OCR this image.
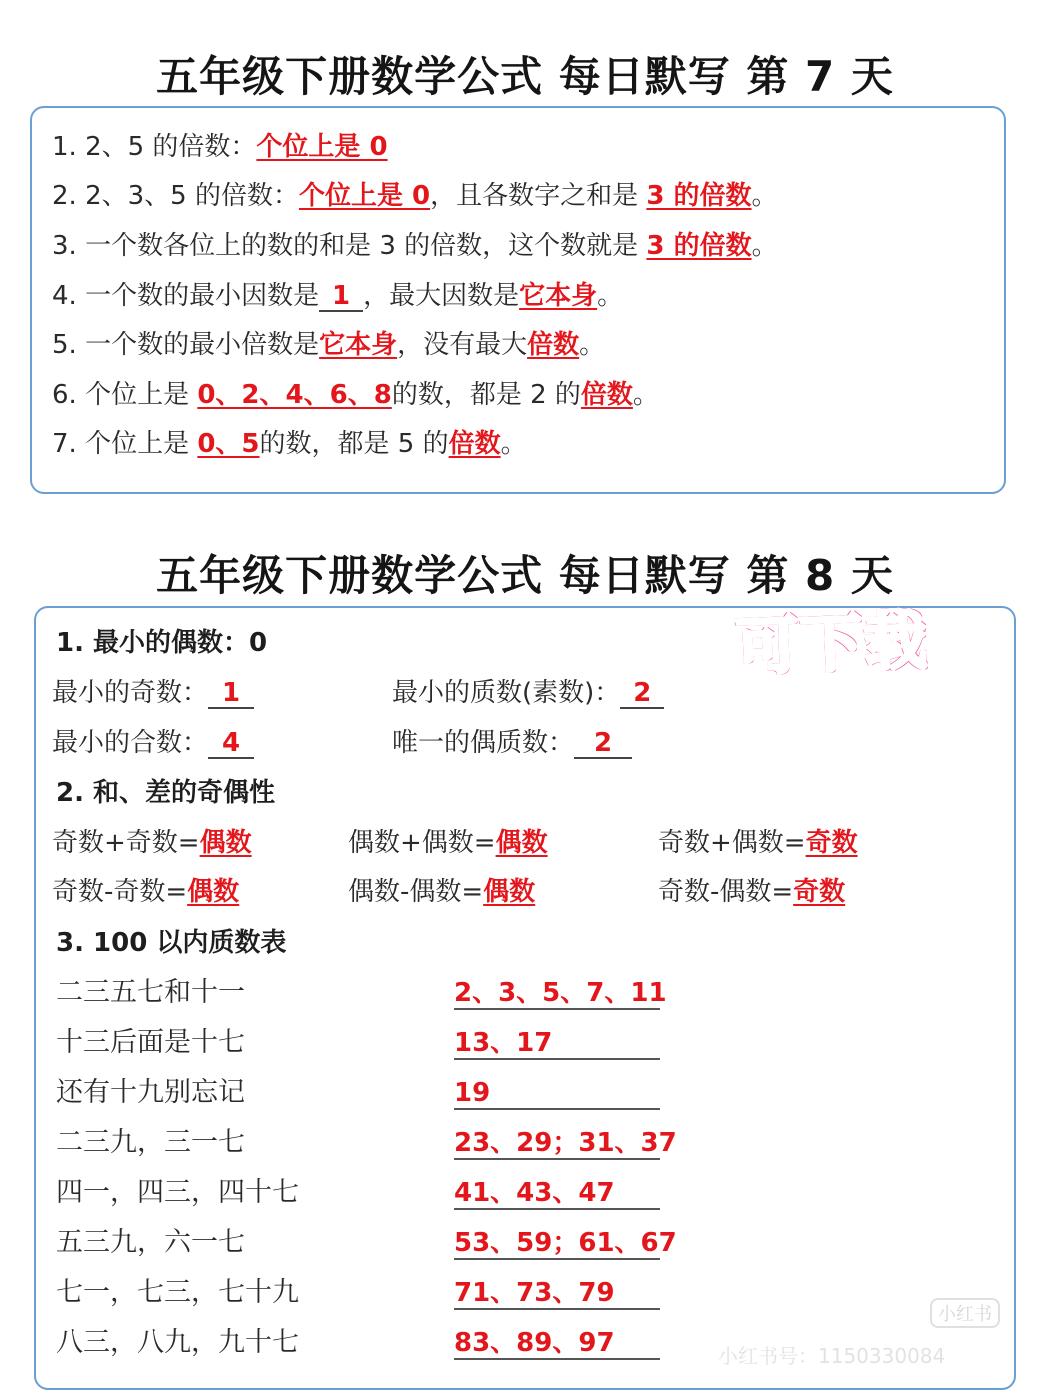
五年级下册数学公式 每日默写 第 7 天
1. 2、5 的倍数：个位上是 0
2. 2、3、5 的倍数：个位上是 0，且各数字之和是 3 的倍数。
3. 一个数各位上的数的和是 3 的倍数，这个数就是 3 的倍数。
4. 一个数的最小因数是 1 ，最大因数是它本身。
5. 一个数的最小倍数是它本身，没有最大倍数。
6. 个位上是 0、2、4、6、8的数，都是 2 的倍数。
7. 个位上是 0、5的数，都是 5 的倍数。
五年级下册数学公式 每日默写 第 8 天
1. 最小的偶数：0
最小的奇数： 1	最小的质数(素数)： 2
最小的合数： 4	唯一的偶质数： 2
2. 和、差的奇偶性
奇数+奇数=偶数	偶数+偶数=偶数	奇数+偶数=奇数
奇数-奇数=偶数	偶数-偶数=偶数	奇数-偶数=奇数
3. 100 以内质数表
二三五七和十一	2、3、5、7、11
十三后面是十七	13、17
还有十九别忘记	19
二三九，三一七	23、29；31、37
四一，四三，四十七	41、43、47
五三九，六一七	53、59；61、67
七一，七三，七十九	71、73、79
八三，八九，九十七	83、89、97
可下载
小红书
小红书号：1150330084
